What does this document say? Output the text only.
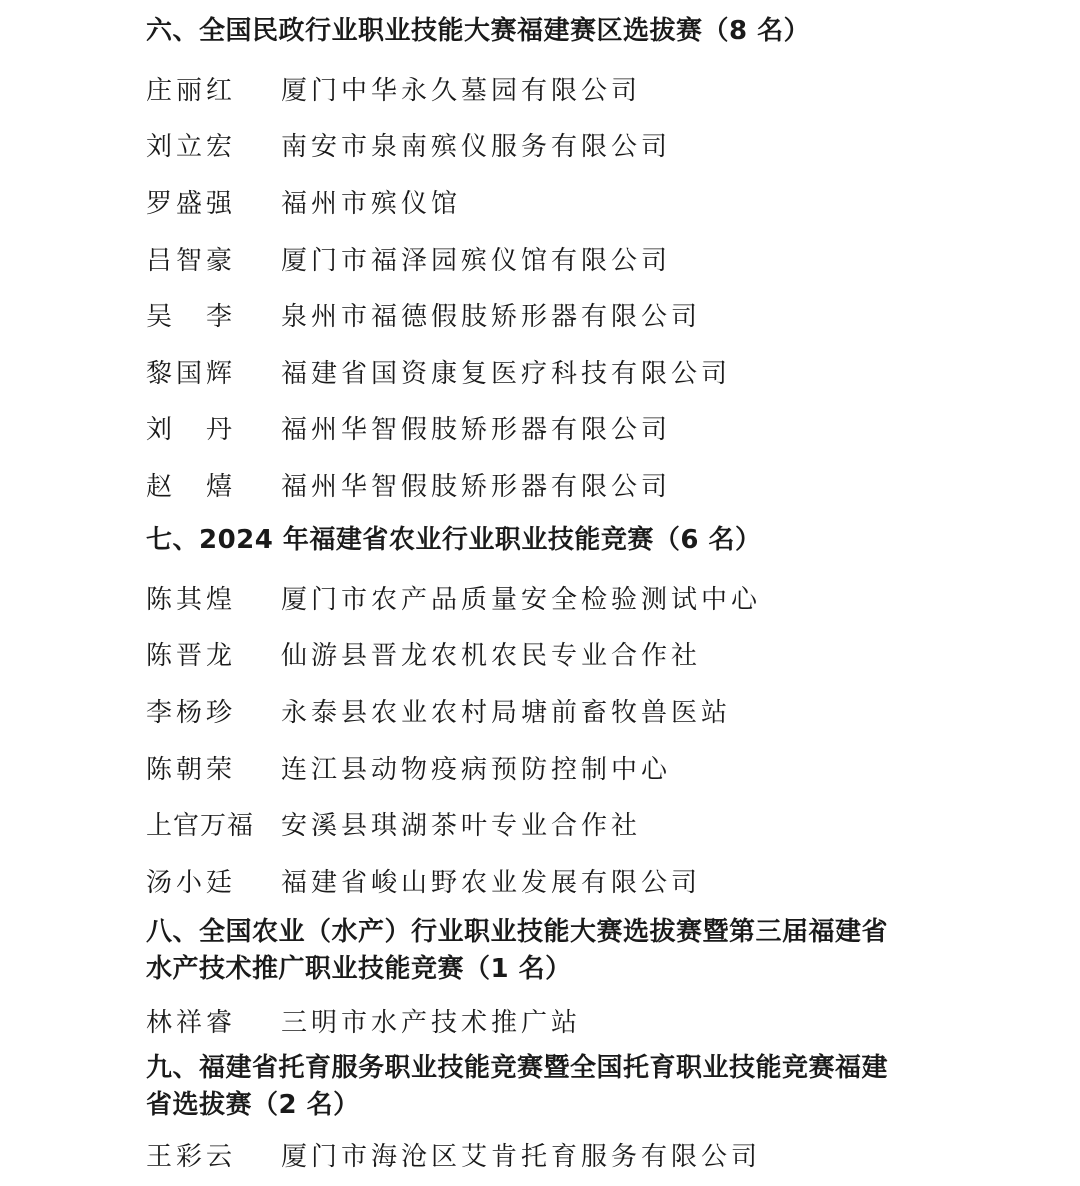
六、全国民政行业职业技能大赛福建赛区选拔赛（8 名）
庄丽红	厦门中华永久墓园有限公司
刘立宏	南安市泉南殡仪服务有限公司
罗盛强	福州市殡仪馆
吕智豪	厦门市福泽园殡仪馆有限公司
吴　李	泉州市福德假肢矫形器有限公司
黎国辉	福建省国资康复医疗科技有限公司
刘　丹	福州华智假肢矫形器有限公司
赵　熺	福州华智假肢矫形器有限公司
七、2024 年福建省农业行业职业技能竞赛（6 名）
陈其煌	厦门市农产品质量安全检验测试中心
陈晋龙	仙游县晋龙农机农民专业合作社
李杨珍	永泰县农业农村局塘前畜牧兽医站
陈朝荣	连江县动物疫病预防控制中心
上官万福	安溪县琪湖茶叶专业合作社
汤小廷	福建省峻山野农业发展有限公司
八、全国农业（水产）行业职业技能大赛选拔赛暨第三届福建省
水产技术推广职业技能竞赛（1 名）
林祥睿	三明市水产技术推广站
九、福建省托育服务职业技能竞赛暨全国托育职业技能竞赛福建
省选拔赛（2 名）
王彩云	厦门市海沧区艾肯托育服务有限公司
